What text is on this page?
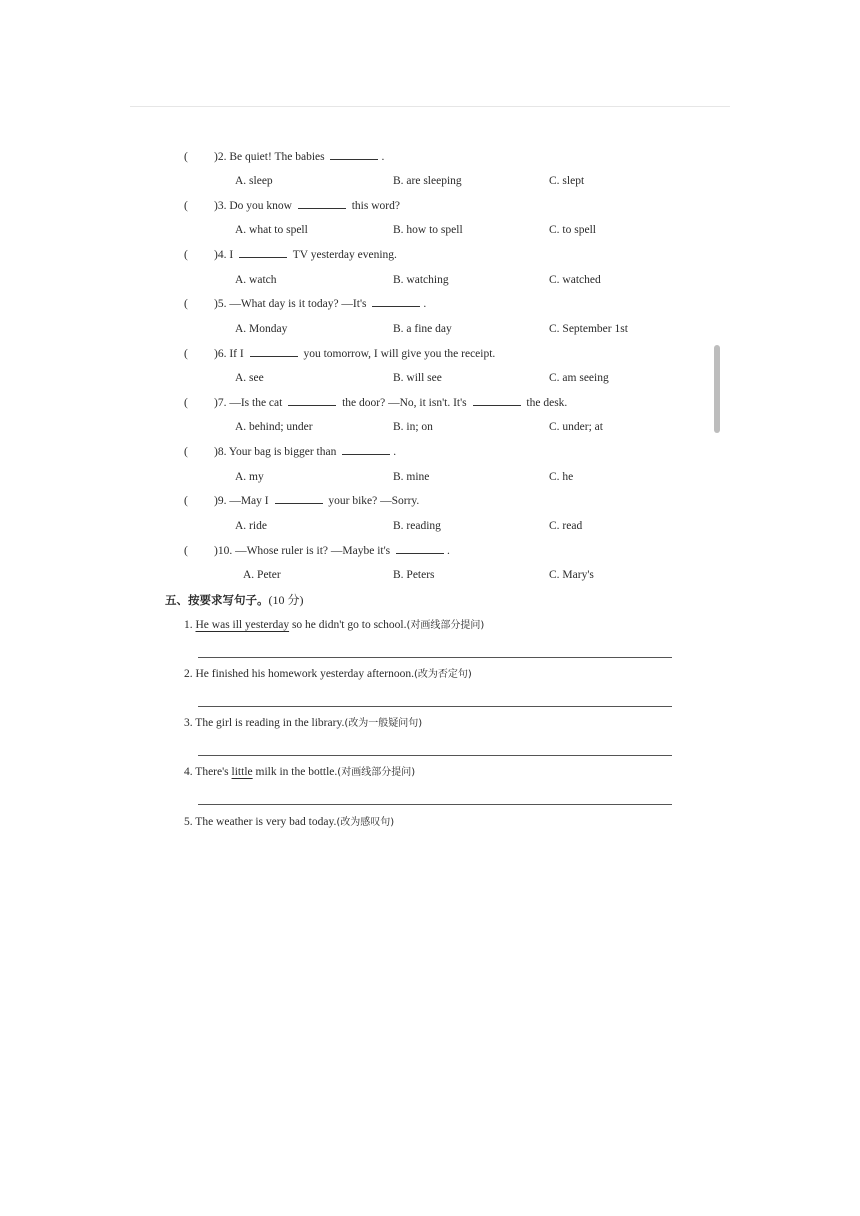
( )2. Be quiet! The babies	.
A. sleep	B. are sleeping	C. slept
( )3. Do you know	this word?
A. what to spell	B. how to spell	C. to spell
( )4. I	TV yesterday evening.
A. watch	B. watching	C. watched
( )5. —What day is it today? —It's	.
A. Monday	B. a fine day	C. September 1st
( )6. If I	you tomorrow, I will give you the receipt.
A. see	B. will see	C. am seeing
( )7. —Is the cat	the door? —No, it isn't. It's	the desk.
A. behind; under	B. in; on	C. under; at
( )8. Your bag is bigger than	.
A. my	B. mine	C. he
( )9. —May I	your bike? —Sorry.
A. ride	B. reading	C. read
( )10. —Whose ruler is it? —Maybe it's	.
A. Peter	B. Peters	C. Mary's
五、按要求写句子。(10 分)
1. He was ill yesterday so he didn't go to school.(对画线部分提问)
2. He finished his homework yesterday afternoon.(改为否定句)
3. The girl is reading in the library.(改为一般疑问句)
4. There's little milk in the bottle.(对画线部分提问)
5. The weather is very bad today.(改为感叹句)
